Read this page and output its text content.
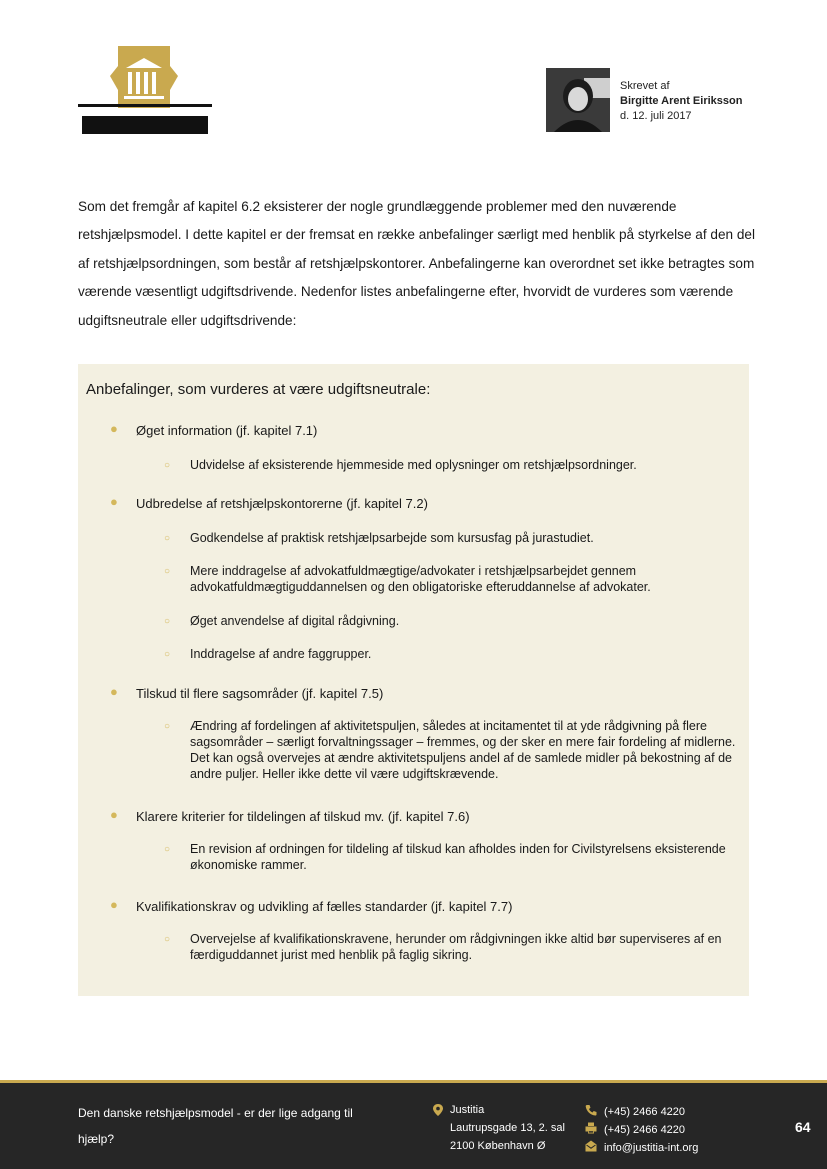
Skrevet af
Birgitte Arent Eiriksson
d. 12. juli 2017

Som det fremgår af kapitel 6.2 eksisterer der nogle grundlæggende problemer med den nuværende retshjælpsmodel. I dette kapitel er der fremsat en række anbefalinger særligt med henblik på styrkelse af den del af retshjælpsordningen, som består af retshjælpskontorer. Anbefalingerne kan overordnet set ikke betragtes som værende væsentligt udgiftsdrivende. Nedenfor listes anbefalingerne efter, hvorvidt de vurderes som værende udgiftsneutrale eller udgiftsdrivende:

Anbefalinger, som vurderes at være udgiftsneutrale:
●	Øget information (jf. kapitel 7.1)
○	Udvidelse af eksisterende hjemmeside med oplysninger om retshjælpsordninger.
●	Udbredelse af retshjælpskontorerne (jf. kapitel 7.2)
○	Godkendelse af praktisk retshjælpsarbejde som kursusfag på jurastudiet.
○	Mere inddragelse af advokatfuldmægtige/advokater i retshjælpsarbejdet gennem advokatfuldmægtiguddannelsen og den obligatoriske efteruddannelse af advokater.
○	Øget anvendelse af digital rådgivning.
○	Inddragelse af andre faggrupper.
●	Tilskud til flere sagsområder (jf. kapitel 7.5)
○	Ændring af fordelingen af aktivitetspuljen, således at incitamentet til at yde rådgivning på flere sagsområder – særligt forvaltningssager – fremmes, og der sker en mere fair fordeling af midlerne. Det kan også overvejes at ændre aktivitetspuljens andel af de samlede midler på bekostning af de andre puljer. Heller ikke dette vil være udgiftskrævende.
●	Klarere kriterier for tildelingen af tilskud mv. (jf. kapitel 7.6)
○	En revision af ordningen for tildeling af tilskud kan afholdes inden for Civilstyrelsens eksisterende økonomiske rammer.
●	Kvalifikationskrav og udvikling af fælles standarder (jf. kapitel 7.7)
○	Overvejelse af kvalifikationskravene, herunder om rådgivningen ikke altid bør superviseres af en færdiguddannet jurist med henblik på faglig sikring.
Den danske retshjælpsmodel - er der lige adgang til hjælp?
Justitia
Lautrupsgade 13, 2. sal
2100 København Ø
(+45) 2466 4220
(+45) 2466 4220
info@justitia-int.org
64
